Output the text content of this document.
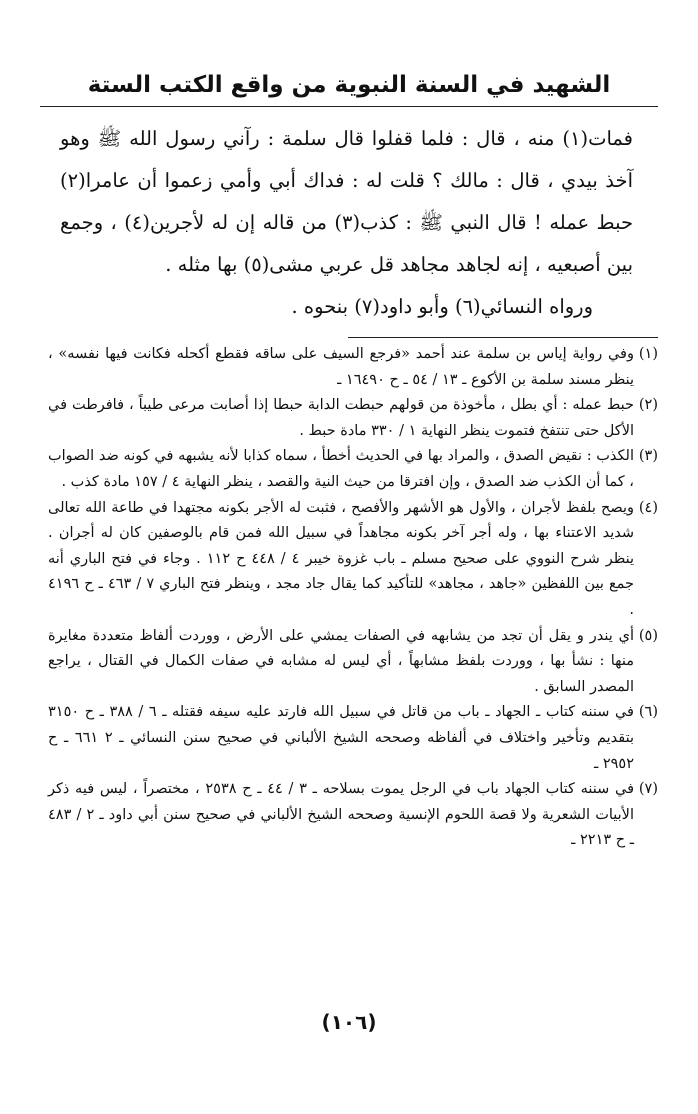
الشهيد في السنة النبوية من واقع الكتب الستة

فمات(١) منه ، قال : فلما قفلوا قال سلمة : رآني رسول الله ﷺ وهو آخذ بيدي ، قال : مالك ؟ قلت له : فداك أبي وأمي زعموا أن عامرا(٢) حبط عمله ! قال النبي ﷺ : كذب(٣) من قاله إن له لأجرين(٤) ، وجمع بين أصبعيه ، إنه لجاهد مجاهد قل عربي مشى(٥) بها مثله .

ورواه النسائي(٦) وأبو داود(٧) بنحوه .

(١)
وفي رواية إياس بن سلمة عند أحمد «فرجع السيف على ساقه فقطع أكحله فكانت فيها نفسه» ، ينظر مسند سلمة بن الأكوع ـ ١٣ / ٥٤ ـ ح ١٦٤٩٠ ـ

(٢)
حبط عمله : أي بطل ، مأخوذة من قولهم حبطت الدابة حبطا إذا أصابت مرعى طيباً ، فافرطت في الأكل حتى تنتفخ فتموت ينظر النهاية ١ / ٣٣٠ مادة حبط .

(٣)
الكذب : نقيض الصدق ، والمراد بها في الحديث أخطأ ، سماه كذابا لأنه يشبهه في كونه ضد الصواب ، كما أن الكذب ضد الصدق ، وإن افترقا من حيث النية والقصد ، ينظر النهاية ٤ / ١٥٧ مادة كذب .

(٤)
ويصح بلفظ لأجران ، والأول هو الأشهر والأفصح ، فثبت له الأجر بكونه مجتهدا في طاعة الله تعالى شديد الاعتناء بها ، وله أجر آخر بكونه مجاهداً في سبيل الله فمن قام بالوصفين كان له أجران . ينظر شرح النووي على صحيح مسلم ـ باب غزوة خيبر ٤ / ٤٤٨ ح ١١٢ . وجاء في فتح الباري أنه جمع بين اللفظين «جاهد ، مجاهد» للتأكيد كما يقال جاد مجد ، وينظر فتح الباري ٧ / ٤٦٣ ـ ح ٤١٩٦ .

(٥)
أي يندر و يقل أن تجد من يشابهه في الصفات يمشي على الأرض ، ووردت ألفاظ متعددة مغايرة منها : نشأ بها ، ووردت بلفظ مشابهاً ، أي ليس له مشابه في صفات الكمال في القتال ، يراجع المصدر السابق .

(٦)
في سننه كتاب ـ الجهاد ـ باب من قاتل في سبيل الله فارتد عليه سيفه فقتله ـ ٦ / ٣٨٨ ـ ح ٣١٥٠ بتقديم وتأخير واختلاف في ألفاظه وصححه الشيخ الألباني في صحيح سنن النسائي ـ ٢ ٦٦١ ـ ح ٢٩٥٢ ـ

(٧)
في سننه كتاب الجهاد باب في الرجل يموت بسلاحه ـ ٣ / ٤٤ ـ ح ٢٥٣٨ ، مختصراً ، ليس فيه ذكر الأبيات الشعرية ولا قصة اللحوم الإنسية وصححه الشيخ الألباني في صحيح سنن أبي داود ـ ٢ / ٤٨٣ ـ ح ٢٢١٣ ـ

(١٠٦)
